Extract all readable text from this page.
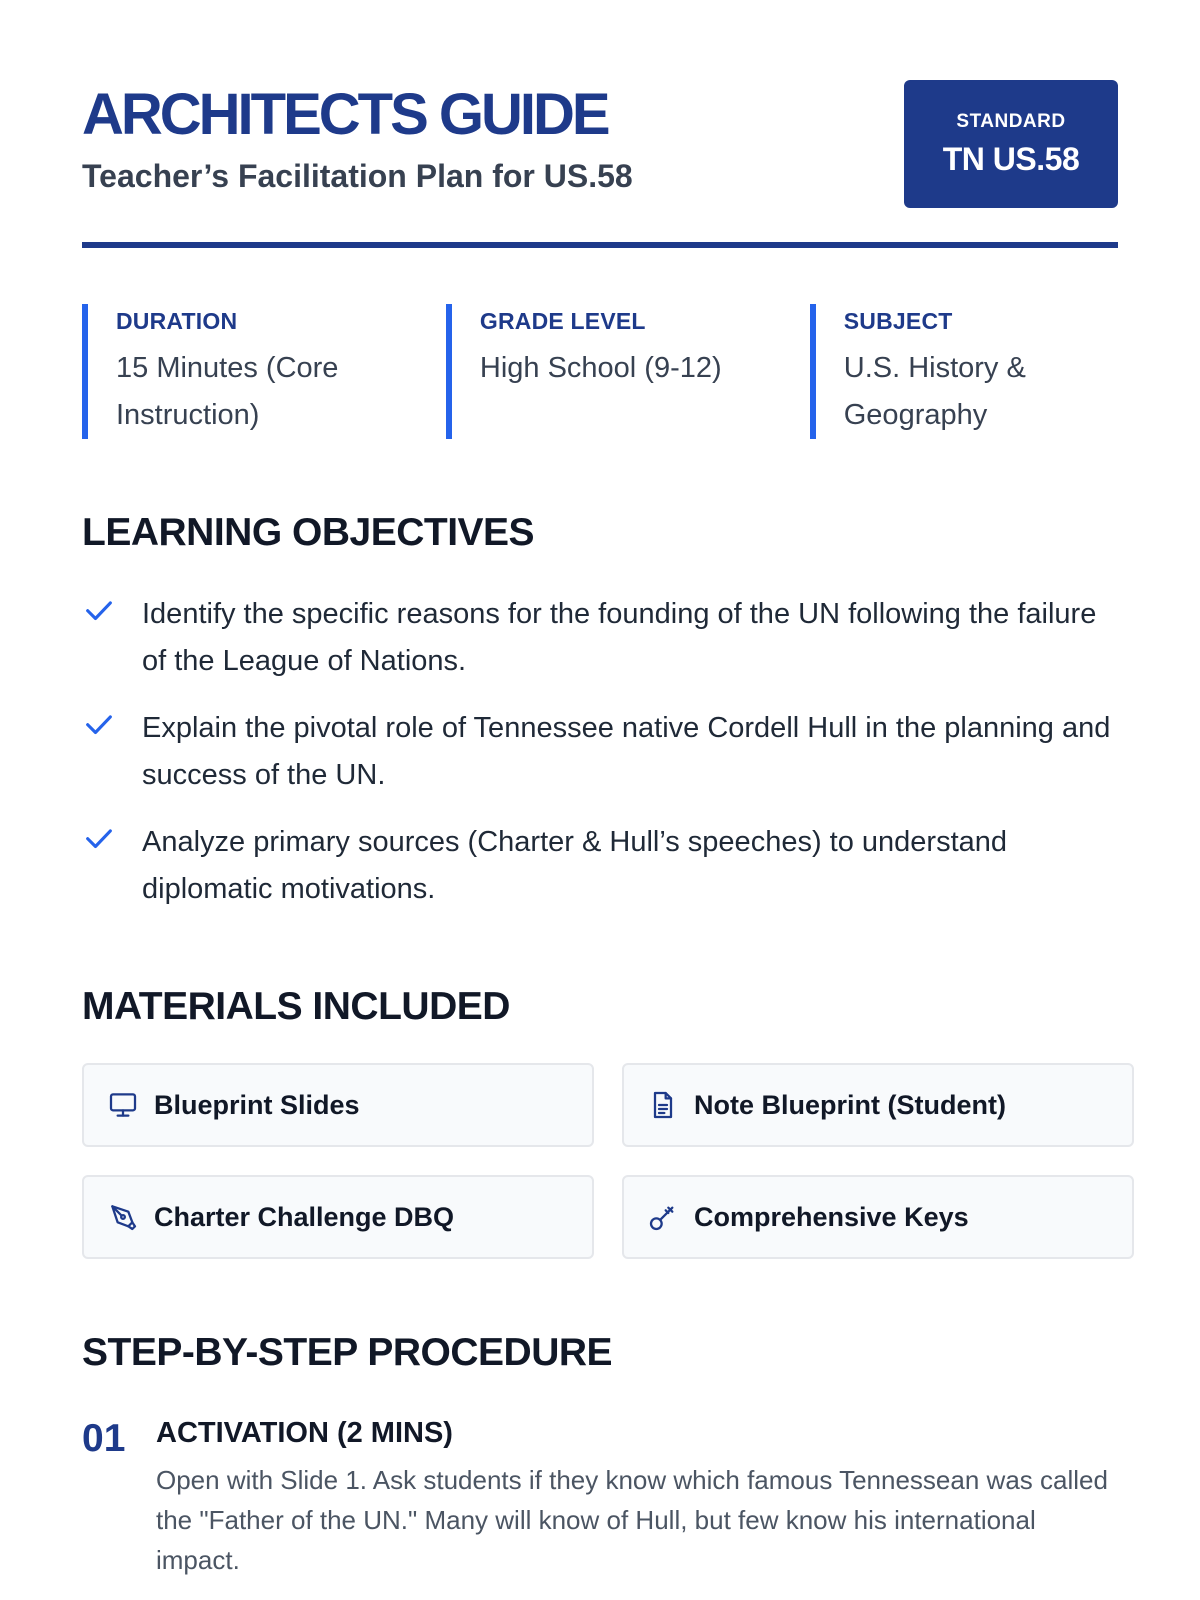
ARCHITECTS GUIDE

Teacher’s Facilitation Plan for US.58

STANDARD
TN US.58
DURATION
15 Minutes (Core Instruction)
GRADE LEVEL
High School (9-12)
SUBJECT
U.S. History & Geography
LEARNING OBJECTIVES
Identify the specific reasons for the founding of the UN following the failure of the League of Nations.
Explain the pivotal role of Tennessee native Cordell Hull in the planning and success of the UN.
Analyze primary sources (Charter & Hull’s speeches) to understand diplomatic motivations.
MATERIALS INCLUDED
Blueprint Slides	Note Blueprint (Student)
Charter Challenge DBQ	Comprehensive Keys
STEP-BY-STEP PROCEDURE
01	ACTIVATION (2 MINS)
Open with Slide 1. Ask students if they know which famous Tennessean was called the "Father of the UN." Many will know of Hull, but few know his international impact.
